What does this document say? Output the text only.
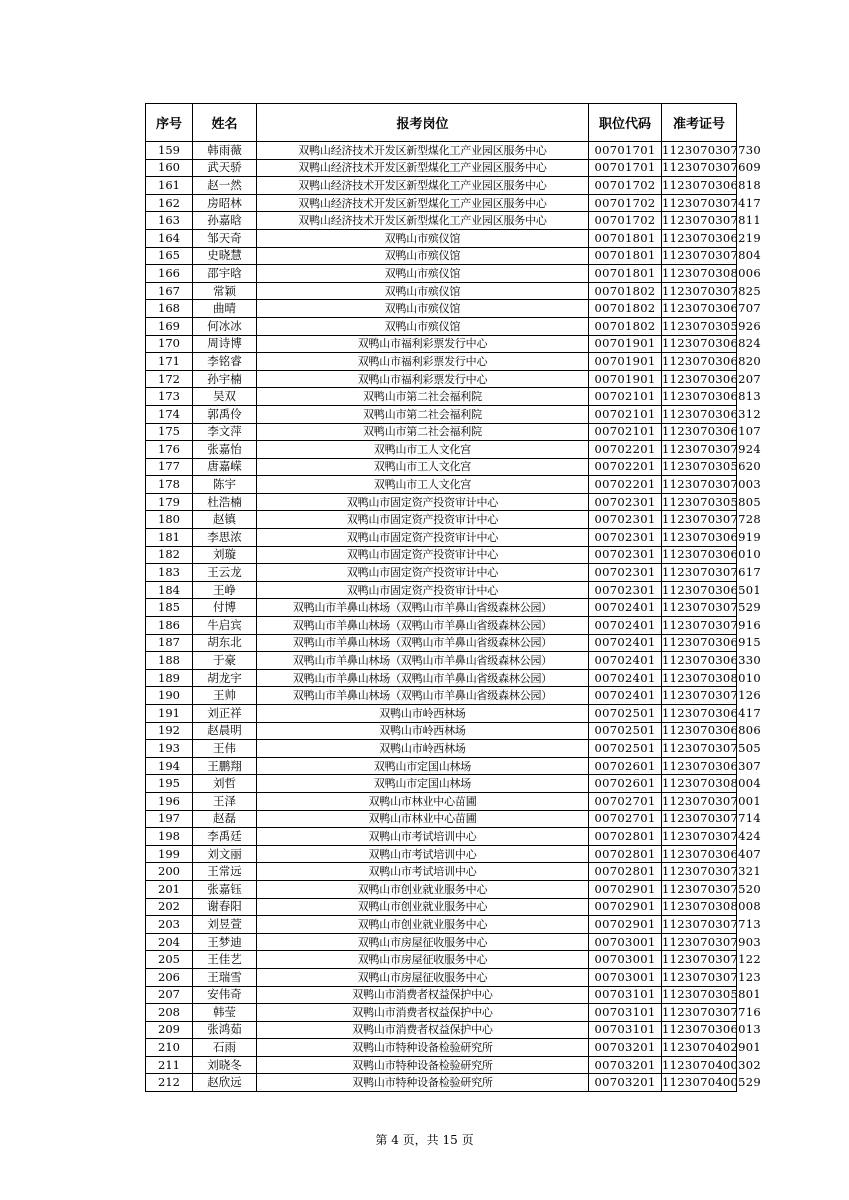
序号	姓名	报考岗位	职位代码	准考证号
159	韩雨薇	双鸭山经济技术开发区新型煤化工产业园区服务中心	00701701	1123070307730
160	武天骄	双鸭山经济技术开发区新型煤化工产业园区服务中心	00701701	1123070307609
161	赵一然	双鸭山经济技术开发区新型煤化工产业园区服务中心	00701702	1123070306818
162	房昭林	双鸭山经济技术开发区新型煤化工产业园区服务中心	00701702	1123070307417
163	孙嘉晗	双鸭山经济技术开发区新型煤化工产业园区服务中心	00701702	1123070307811
164	邹天奇	双鸭山市殡仪馆	00701801	1123070306219
165	史晓慧	双鸭山市殡仪馆	00701801	1123070307804
166	邵宇晗	双鸭山市殡仪馆	00701801	1123070308006
167	常颖	双鸭山市殡仪馆	00701802	1123070307825
168	曲晴	双鸭山市殡仪馆	00701802	1123070306707
169	何冰冰	双鸭山市殡仪馆	00701802	1123070305926
170	周诗博	双鸭山市福利彩票发行中心	00701901	1123070306824
171	李铭睿	双鸭山市福利彩票发行中心	00701901	1123070306820
172	孙宇楠	双鸭山市福利彩票发行中心	00701901	1123070306207
173	吴双	双鸭山市第二社会福利院	00702101	1123070306813
174	郭禹伶	双鸭山市第二社会福利院	00702101	1123070306312
175	李文萍	双鸭山市第二社会福利院	00702101	1123070306107
176	张嘉怡	双鸭山市工人文化宫	00702201	1123070307924
177	唐嘉嵘	双鸭山市工人文化宫	00702201	1123070305620
178	陈宇	双鸭山市工人文化宫	00702201	1123070307003
179	杜浩楠	双鸭山市固定资产投资审计中心	00702301	1123070305805
180	赵镇	双鸭山市固定资产投资审计中心	00702301	1123070307728
181	李思浓	双鸭山市固定资产投资审计中心	00702301	1123070306919
182	刘璇	双鸭山市固定资产投资审计中心	00702301	1123070306010
183	王云龙	双鸭山市固定资产投资审计中心	00702301	1123070307617
184	王峥	双鸭山市固定资产投资审计中心	00702301	1123070306501
185	付博	双鸭山市羊鼻山林场（双鸭山市羊鼻山省级森林公园）	00702401	1123070307529
186	牛启宾	双鸭山市羊鼻山林场（双鸭山市羊鼻山省级森林公园）	00702401	1123070307916
187	胡东北	双鸭山市羊鼻山林场（双鸭山市羊鼻山省级森林公园）	00702401	1123070306915
188	于豪	双鸭山市羊鼻山林场（双鸭山市羊鼻山省级森林公园）	00702401	1123070306330
189	胡龙宇	双鸭山市羊鼻山林场（双鸭山市羊鼻山省级森林公园）	00702401	1123070308010
190	王帅	双鸭山市羊鼻山林场（双鸭山市羊鼻山省级森林公园）	00702401	1123070307126
191	刘正祥	双鸭山市岭西林场	00702501	1123070306417
192	赵晨明	双鸭山市岭西林场	00702501	1123070306806
193	王伟	双鸭山市岭西林场	00702501	1123070307505
194	王鹏翔	双鸭山市定国山林场	00702601	1123070306307
195	刘哲	双鸭山市定国山林场	00702601	1123070308004
196	王泽	双鸭山市林业中心苗圃	00702701	1123070307001
197	赵磊	双鸭山市林业中心苗圃	00702701	1123070307714
198	李禹廷	双鸭山市考试培训中心	00702801	1123070307424
199	刘文丽	双鸭山市考试培训中心	00702801	1123070306407
200	王常远	双鸭山市考试培训中心	00702801	1123070307321
201	张嘉钰	双鸭山市创业就业服务中心	00702901	1123070307520
202	谢春阳	双鸭山市创业就业服务中心	00702901	1123070308008
203	刘昱萱	双鸭山市创业就业服务中心	00702901	1123070307713
204	王梦迪	双鸭山市房屋征收服务中心	00703001	1123070307903
205	王佳艺	双鸭山市房屋征收服务中心	00703001	1123070307122
206	王瑞雪	双鸭山市房屋征收服务中心	00703001	1123070307123
207	安伟奇	双鸭山市消费者权益保护中心	00703101	1123070305801
208	韩莹	双鸭山市消费者权益保护中心	00703101	1123070307716
209	张鸿茹	双鸭山市消费者权益保护中心	00703101	1123070306013
210	石雨	双鸭山市特种设备检验研究所	00703201	1123070402901
211	刘晓冬	双鸭山市特种设备检验研究所	00703201	1123070400302
212	赵欣远	双鸭山市特种设备检验研究所	00703201	1123070400529
第 4 页，共 15 页
